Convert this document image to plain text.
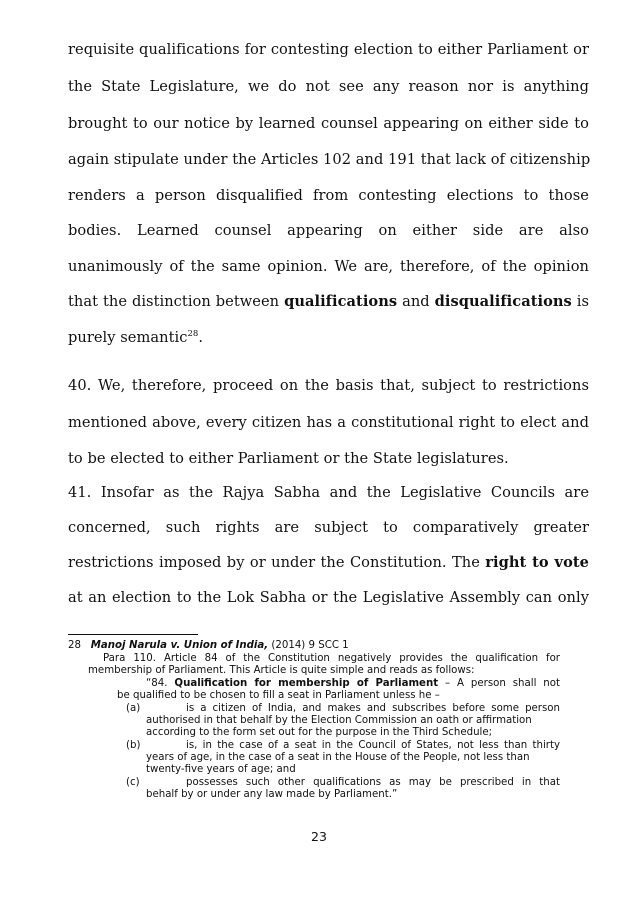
requisite qualifications for contesting election to either Parliament or
the State Legislature, we do not see any reason nor is anything
brought to our notice by learned counsel appearing on either side to
again stipulate under the Articles 102 and 191 that lack of citizenship
renders a person disqualified from contesting elections to those
bodies. Learned counsel appearing on either side are also
unanimously of the same opinion. We are, therefore, of the opinion
that the distinction between qualifications and disqualifications is
purely semantic$^{28}$.
40. We, therefore, proceed on the basis that, subject to restrictions
mentioned above, every citizen has a constitutional right to elect and
to be elected to either Parliament or the State legislatures.
41. Insofar as the Rajya Sabha and the Legislative Councils are
concerned, such rights are subject to comparatively greater
restrictions imposed by or under the Constitution. The right to vote
at an election to the Lok Sabha or the Legislative Assembly can only
28 Manoj Narula v. Union of India, (2014) 9 SCC 1
Para 110. Article 84 of the Constitution negatively provides the qualification for
membership of Parliament. This Article is quite simple and reads as follows:
“84. Qualification for membership of Parliament – A person shall not
be qualified to be chosen to fill a seat in Parliament unless he –
(a)	is a citizen of India, and makes and subscribes before some person
authorised in that behalf by the Election Commission an oath or affirmation
according to the form set out for the purpose in the Third Schedule;
(b)	is, in the case of a seat in the Council of States, not less than thirty
years of age, in the case of a seat in the House of the People, not less than
twenty-five years of age; and
(c)	possesses such other qualifications as may be prescribed in that
behalf by or under any law made by Parliament.”
23
